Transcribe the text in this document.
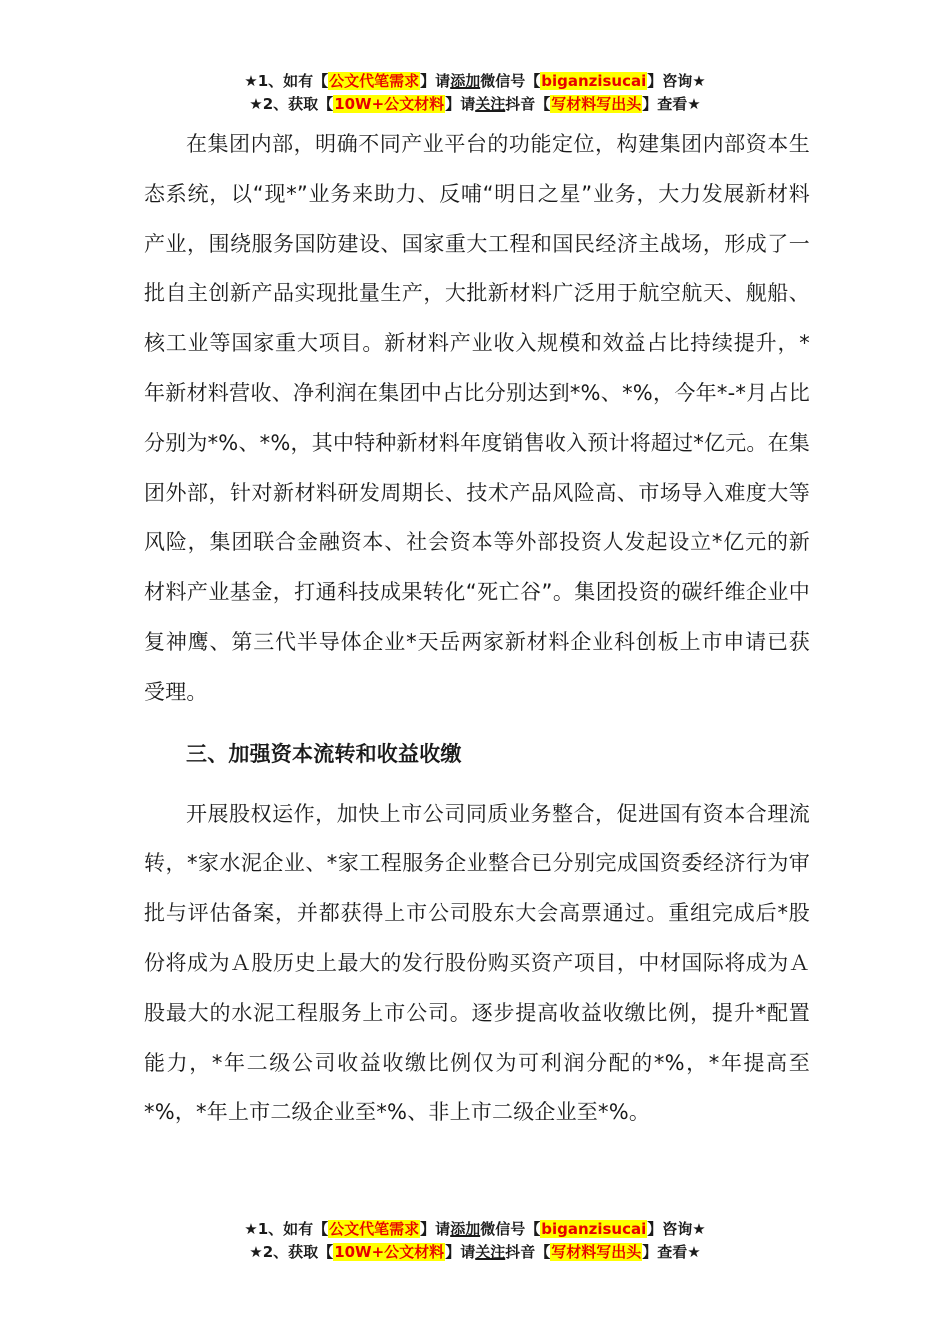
★1、如有【公文代笔需求】请添加微信号【biganzisucai】咨询★
★2、获取【10W+公文材料】请关注抖音【写材料写出头】查看★

在集团内部，明确不同产业平台的功能定位，构建集团内部资本生态系统，以“现*”业务来助力、反哺“明日之星”业务，大力发展新材料产业，围绕服务国防建设、国家重大工程和国民经济主战场，形成了一批自主创新产品实现批量生产，大批新材料广泛用于航空航天、舰船、核工业等国家重大项目。新材料产业收入规模和效益占比持续提升，*年新材料营收、净利润在集团中占比分别达到*%、*%，今年*-*月占比分别为*%、*%，其中特种新材料年度销售收入预计将超过*亿元。在集团外部，针对新材料研发周期长、技术产品风险高、市场导入难度大等风险，集团联合金融资本、社会资本等外部投资人发起设立*亿元的新材料产业基金，打通科技成果转化“死亡谷”。集团投资的碳纤维企业中复神鹰、第三代半导体企业*天岳两家新材料企业科创板上市申请已获受理。

三、加强资本流转和收益收缴

开展股权运作，加快上市公司同质业务整合，促进国有资本合理流转，*家水泥企业、*家工程服务企业整合已分别完成国资委经济行为审批与评估备案，并都获得上市公司股东大会高票通过。重组完成后*股份将成为Ａ股历史上最大的发行股份购买资产项目，中材国际将成为Ａ股最大的水泥工程服务上市公司。逐步提高收益收缴比例，提升*配置能力，*年二级公司收益收缴比例仅为可利润分配的*%，*年提高至*%，*年上市二级企业至*%、非上市二级企业至*%。

★1、如有【公文代笔需求】请添加微信号【biganzisucai】咨询★
★2、获取【10W+公文材料】请关注抖音【写材料写出头】查看★
